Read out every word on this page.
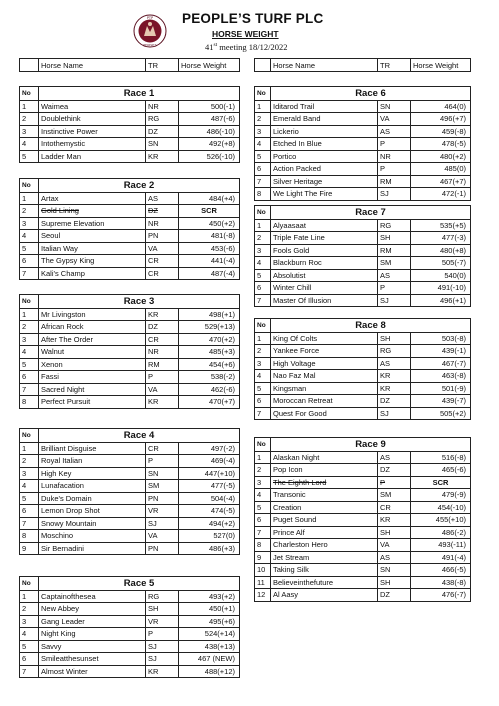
PTP
PEOPLE'S
PEOPLE’S TURF PLC
HORSE WEIGHT
41st meeting 18/12/2022
	Horse Name	TR	Horse Weight
		Horse Name	TR	Horse Weight
No	Race 1		
1	Waimea	NR	500(-1)
2	Doublethink	RG	487(-6)
3	Instinctive Power	DZ	486(-10)
4	Intothemystic	SN	492(+8)
5	Ladder Man	KR	526(-10)
No	Race 2		
1	Artax	AS	484(+4)
2	Gold Lining	DZ	SCR
3	Supreme Elevation	NR	450(+2)
4	Seoul	PN	481(-8)
5	Italian Way	VA	453(-6)
6	The Gypsy King	CR	441(-4)
7	Kali's Champ	CR	487(-4)
No	Race 3		
1	Mr Livingston	KR	498(+1)
2	African Rock	DZ	529(+13)
3	After The Order	CR	470(+2)
4	Walnut	NR	485(+3)
5	Xenon	RM	454(+6)
6	Fassi	P	538(-2)
7	Sacred Night	VA	462(-6)
8	Perfect Pursuit	KR	470(+7)
No	Race 4		
1	Brilliant Disguise	CR	497(-2)
2	Royal Italian	P	469(-4)
3	High Key	SN	447(+10)
4	Lunafacation	SM	477(-5)
5	Duke's Domain	PN	504(-4)
6	Lemon Drop Shot	VR	474(-5)
7	Snowy Mountain	SJ	494(+2)
8	Moschino	VA	527(0)
9	Sir Bernadini	PN	486(+3)
No	Race 5		
1	Captainofthesea	RG	493(+2)
2	New Abbey	SH	450(+1)
3	Gang Leader	VR	495(+6)
4	Night King	P	524(+14)
5	Savvy	SJ	438(+13)
6	Smileatthesunset	SJ	467 (NEW)
7	Almost Winter	KR	488(+12)
No	Race 6		
1	Iditarod Trail	SN	464(0)
2	Emerald Band	VA	496(+7)
3	Lickerio	AS	459(-8)
4	Etched In Blue	P	478(-5)
5	Portico	NR	480(+2)
6	Action Packed	P	485(0)
7	Silver Heritage	RM	467(+7)
8	We Light The Fire	SJ	472(-1)
No	Race 7		
1	Alyaasaat	RG	535(+5)
2	Triple Fate Line	SH	477(-3)
3	Fools Gold	RM	480(+8)
4	Blackburn Roc	SM	505(-7)
5	Absolutist	AS	540(0)
6	Winter Chill	P	491(-10)
7	Master Of Illusion	SJ	496(+1)
No	Race 8		
1	King Of Colts	SH	503(-8)
2	Yankee Force	RG	439(-1)
3	High Voltage	AS	467(-7)
4	Nao Faz Mal	KR	463(-8)
5	Kingsman	KR	501(-9)
6	Moroccan Retreat	DZ	439(-7)
7	Quest For Good	SJ	505(+2)
No	Race 9		
1	Alaskan Night	AS	516(-8)
2	Pop Icon	DZ	465(-6)
3	The Eighth Lord	P	SCR
4	Transonic	SM	479(-9)
5	Creation	CR	454(-10)
6	Puget Sound	KR	455(+10)
7	Prince Alf	SH	486(-2)
8	Charleston Hero	VA	493(-11)
9	Jet Stream	AS	491(-4)
10	Taking Silk	SN	466(-5)
11	Believeinthefuture	SH	438(-8)
12	Al Aasy	DZ	476(-7)
